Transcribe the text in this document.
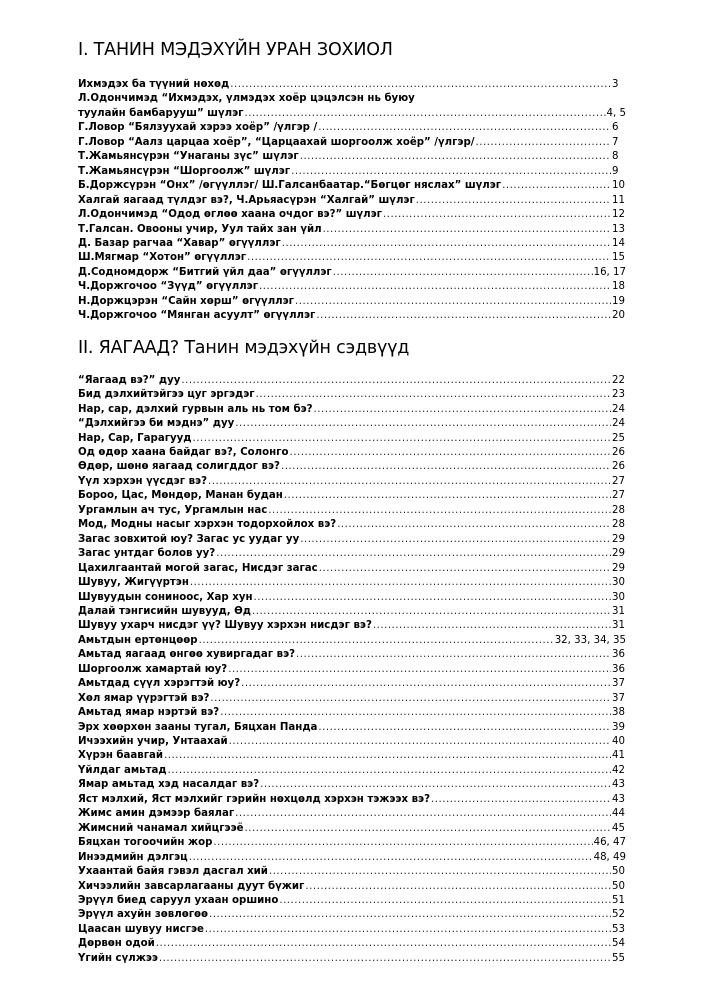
I. ТАНИН МЭДЭХҮЙН УРАН ЗОХИОЛ
Ихмэдэх ба түүний нөхөд .....	3
Л.Одончимэд “Ихмэдэх, үлмэдэх хоёр цэцэлсэн нь буюу
туулайн бамбарууш” шүлэг .....	4, 5
Г.Ловор “Бялзуухай хэрээ хоёр” /үлгэр / .....	6
Г.Ловор “Аалз царцаа хоёр”, “Царцаахай шоргоолж хоёр” /үлгэр/ .....	7
Т.Жамьянсүрэн “Унаганы зүс” шүлэг .....	8
Т.Жамьянсүрэн “Шоргоолж” шүлэг .....	9
Б.Доржсүрэн “Онх” /өгүүллэг/ Ш.Галсанбаатар.“Бөгцөг няслах” шүлэг .....	10
Халгай яагаад түлдэг вэ?, Ч.Арьяасүрэн “Халгай” шүлэг .....	11
Л.Одончимэд “Одод өглөө хаана очдог вэ?” шүлэг .....	12
Т.Галсан. Овооны учир, Уул тайх зан үйл .....	13
Д. Базар рагчаа “Хавар” өгүүллэг .....	14
Ш.Мягмар “Хотон” өгүүллэг .....	15
Д.Содномдорж “Битгий үйл даа” өгүүллэг .....	16, 17
Ч.Доржгочоо “Зүүд” өгүүллэг .....	18
Н.Доржцэрэн “Сайн хөрш” өгүүллэг .....	19
Ч.Доржгочоо “Мянган асуулт” өгүүллэг .....	20
II. ЯАГААД? Танин мэдэхүйн сэдвүүд
“Яагаад вэ?” дуу .....	22
Бид дэлхийтэйгээ цуг эргэдэг .....	23
Нар, сар, дэлхий гурвын аль нь том бэ? .....	24
“Дэлхийгээ би мэднэ” дуу .....	24
Нар, Сар, Гарагууд .....	25
Од өдөр хаана байдаг вэ?, Солонго .....	26
Өдөр, шөнө яагаад солигддог вэ? .....	26
Үүл хэрхэн үүсдэг вэ? .....	27
Бороо, Цас, Мөндөр, Манан будан .....	27
Ургамлын ач тус, Ургамлын нас .....	28
Мод, Модны насыг хэрхэн тодорхойлох вэ? .....	28
Загас зовхитой юу? Загас ус уудаг уу .....	29
Загас унтдаг болов уу? .....	29
Цахилгаантай могой загас, Нисдэг загас .....	29
Шувуу, Жигүүртэн .....	30
Шувуудын сониноос, Хар хун .....	30
Далай тэнгисийн шувууд, Өд .....	31
Шувуу ухарч нисдэг үү? Шувуу хэрхэн нисдэг вэ? .....	31
Амьтдын ертөнцөөр .....	32, 33, 34, 35
Амьтад яагаад өнгөө хувиргадаг вэ? .....	36
Шоргоолж хамартай юу? .....	36
Амьтдад сүүл хэрэгтэй юу? .....	37
Хөл ямар үүрэгтэй вэ? .....	37
Амьтад ямар нэртэй вэ? .....	38
Эрх хөөрхөн зааны тугал, Бяцхан Панда .....	39
Ичээхийн учир, Унтаахай .....	40
Хүрэн баавгай .....	41
Үйлдаг амьтад .....	42
Ямар амьтад хэд насалдаг вэ? .....	43
Яст мэлхий, Яст мэлхийг гэрийн нөхцөлд хэрхэн тэжээх вэ? .....	43
Жимс амин дэмээр баялаг .....	44
Жимсний чанамал хийцгээё .....	45
Бяцхан тогоочийн жор .....	46, 47
Инээдмийн дэлгэц .....	48, 49
Ухаантай байя гэвэл дасгал хий .....	50
Хичээлийн завсарлагааны дуут бүжиг .....	50
Эрүүл биед саруул ухаан оршино .....	51
Эрүүл ахуйн зөвлөгөө .....	52
Цаасан шувуу нисгэе .....	53
Дөрвөн одой .....	54
Үгийн сүлжээ .....	55
